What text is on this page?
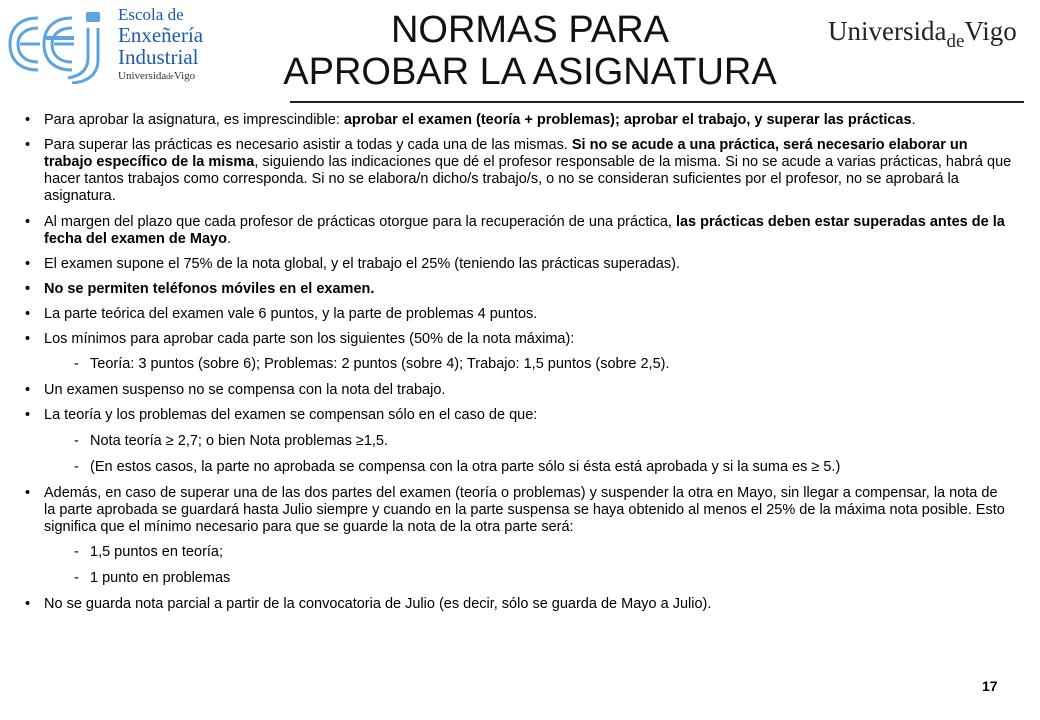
Escola de
Enxeñería
Industrial
UniversidadeVigo
Universida$_{de}$Vigo
NORMAS PARA
APROBAR LA ASIGNATURA
• Para aprobar la asignatura, es imprescindible: aprobar el examen (teoría + problemas); aprobar el trabajo, y superar las prácticas.
• Para superar las prácticas es necesario asistir a todas y cada una de las mismas. Si no se acude a una práctica, será necesario elaborar un trabajo específico de la misma, siguiendo las indicaciones que dé el profesor responsable de la misma. Si no se acude a varias prácticas, habrá que hacer tantos trabajos como corresponda. Si no se elabora/n dicho/s trabajo/s, o no se consideran suficientes por el profesor, no se aprobará la asignatura.
• Al margen del plazo que cada profesor de prácticas otorgue para la recuperación de una práctica, las prácticas deben estar superadas antes de la fecha del examen de Mayo.
• El examen supone el 75% de la nota global, y el trabajo el 25% (teniendo las prácticas superadas).
• No se permiten teléfonos móviles en el examen.
• La parte teórica del examen vale 6 puntos, y la parte de problemas 4 puntos.
• Los mínimos para aprobar cada parte son los siguientes (50% de la nota máxima):
- Teoría: 3 puntos (sobre 6); Problemas: 2 puntos (sobre 4); Trabajo: 1,5 puntos (sobre 2,5).
• Un examen suspenso no se compensa con la nota del trabajo.
• La teoría y los problemas del examen se compensan sólo en el caso de que:
- Nota teoría ≥ 2,7; o bien Nota problemas ≥1,5.
- (En estos casos, la parte no aprobada se compensa con la otra parte sólo si ésta está aprobada y si la suma es ≥ 5.)
• Además, en caso de superar una de las dos partes del examen (teoría o problemas) y suspender la otra en Mayo, sin llegar a compensar, la nota de la parte aprobada se guardará hasta Julio siempre y cuando en la parte suspensa se haya obtenido al menos el 25% de la máxima nota posible. Esto significa que el mínimo necesario para que se guarde la nota de la otra parte será:
- 1,5 puntos en teoría;
- 1 punto en problemas
• No se guarda nota parcial a partir de la convocatoria de Julio (es decir, sólo se guarda de Mayo a Julio).
17
